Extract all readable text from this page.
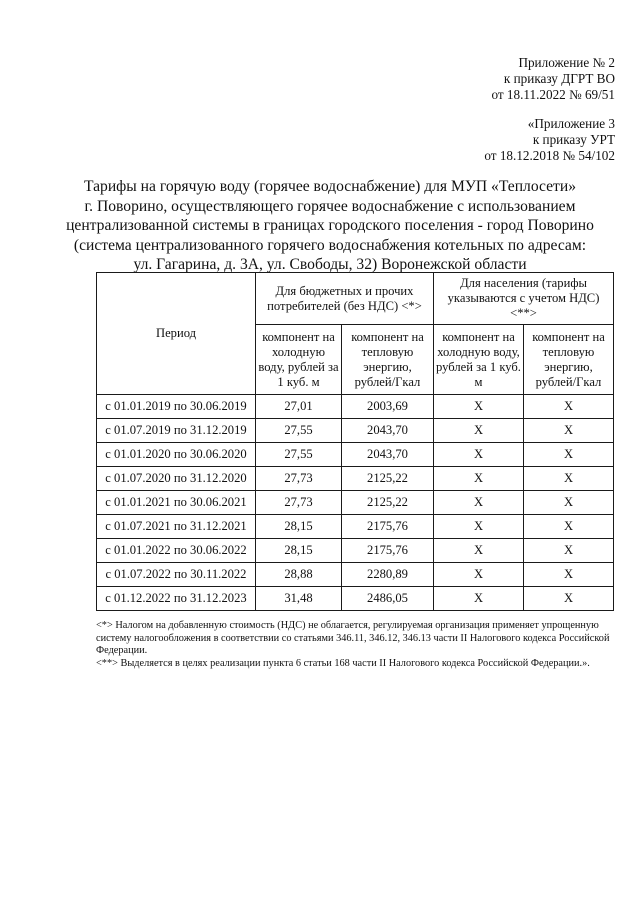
Приложение № 2
к приказу ДГРТ ВО
от 18.11.2022 № 69/51
«Приложение 3
к приказу УРТ
от 18.12.2018 № 54/102
Тарифы на горячую воду (горячее водоснабжение) для МУП «Теплосети»
г. Поворино, осуществляющего горячее водоснабжение с использованием
централизованной системы в границах городского поселения - город Поворино
(система централизованного горячего водоснабжения котельных по адресам:
ул. Гагарина, д. 3А, ул. Свободы, 32) Воронежской области
Период	Для бюджетных и прочих потребителей (без НДС) <*>		Для населения (тарифы указываются с учетом НДС) <**>	
	компонент на холодную воду, рублей за 1 куб. м	компонент на тепловую энергию, рублей/Гкал	компонент на холодную воду, рублей за 1 куб. м	компонент на тепловую энергию, рублей/Гкал
с 01.01.2019 по 30.06.2019	27,01	2003,69	X	X
с 01.07.2019 по 31.12.2019	27,55	2043,70	X	X
с 01.01.2020 по 30.06.2020	27,55	2043,70	X	X
с 01.07.2020 по 31.12.2020	27,73	2125,22	X	X
с 01.01.2021 по 30.06.2021	27,73	2125,22	X	X
с 01.07.2021 по 31.12.2021	28,15	2175,76	X	X
с 01.01.2022 по 30.06.2022	28,15	2175,76	X	X
с 01.07.2022 по 30.11.2022	28,88	2280,89	X	X
с 01.12.2022 по 31.12.2023	31,48	2486,05	X	X

<*> Налогом на добавленную стоимость (НДС) не облагается, регулируемая организация применяет упрощенную систему налогообложения в соответствии со статьями 346.11, 346.12, 346.13 части II Налогового кодекса Российской Федерации.

<**> Выделяется в целях реализации пункта 6 статьи 168 части II Налогового кодекса Российской Федерации.».
